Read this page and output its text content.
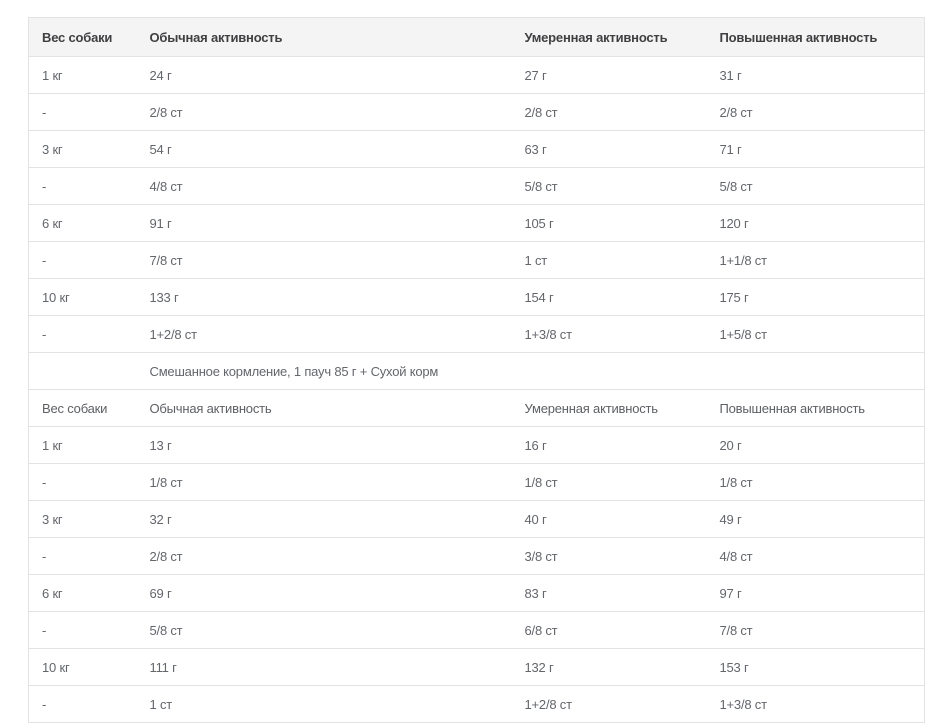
Вес собаки	Обычная активность	Умеренная активность	Повышенная активность
1 кг	24 г	27 г	31 г
-	2/8 ст	2/8 ст	2/8 ст
3 кг	54 г	63 г	71 г
-	4/8 ст	5/8 ст	5/8 ст
6 кг	91 г	105 г	120 г
-	7/8 ст	1 ст	1+1/8 ст
10 кг	133 г	154 г	175 г
-	1+2/8 ст	1+3/8 ст	1+5/8 ст
	Смешанное кормление, 1 пауч 85 г + Сухой корм		
Вес собаки	Обычная активность	Умеренная активность	Повышенная активность
1 кг	13 г	16 г	20 г
-	1/8 ст	1/8 ст	1/8 ст
3 кг	32 г	40 г	49 г
-	2/8 ст	3/8 ст	4/8 ст
6 кг	69 г	83 г	97 г
-	5/8 ст	6/8 ст	7/8 ст
10 кг	111 г	132 г	153 г
-	1 ст	1+2/8 ст	1+3/8 ст
